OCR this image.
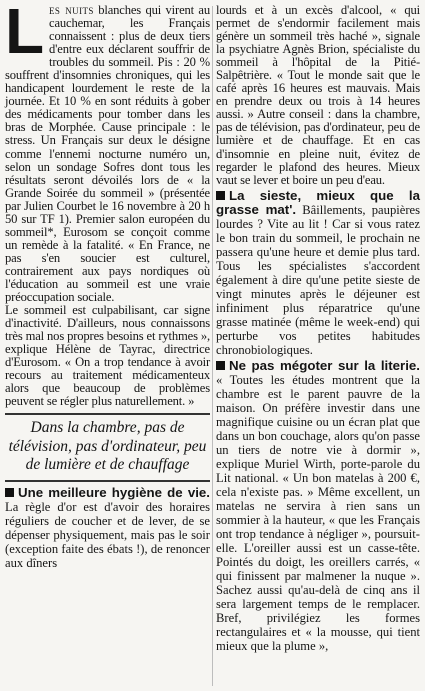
Les nuits blanches qui virent au cauchemar, les Français connaissent : plus de deux tiers d'entre eux déclarent souffrir de troubles du sommeil. Pis : 20 % souffrent d'insomnies chroniques, qui les handicapent lourdement le reste de la journée. Et 10 % en sont réduits à gober des médicaments pour tomber dans les bras de Morphée. Cause principale : le stress. Un Français sur deux le désigne comme l'ennemi nocturne numéro un, selon un sondage Sofres dont tous les résultats seront dévoilés lors de « la Grande Soirée du sommeil » (présentée par Julien Courbet le 16 novembre à 20 h 50 sur TF 1). Premier salon européen du sommeil*, Eurosom se conçoit comme un remède à la fatalité. « En France, ne pas s'en soucier est culturel, contrairement aux pays nordiques où l'éducation au sommeil est une vraie préoccupation sociale.

Le sommeil est culpabilisant, car signe d'inactivité. D'ailleurs, nous connaissons très mal nos propres besoins et rythmes », explique Hélène de Tayrac, directrice d'Eurosom. « On a trop tendance à avoir recours au traitement médicamenteux alors que beaucoup de problèmes peuvent se régler plus naturellement. »

Dans la chambre, pas de télévision, pas d'ordinateur, peu de lumière et de chauffage

Une meilleure hygiène de vie. La règle d'or est d'avoir des horaires réguliers de coucher et de lever, de se dépenser physiquement, mais pas le soir (exception faite des ébats !), de renoncer aux dîners

lourds et à un excès d'alcool, « qui permet de s'endormir facilement mais génère un sommeil très haché », signale la psychiatre Agnès Brion, spécialiste du sommeil à l'hôpital de la Pitié-Salpêtrière. « Tout le monde sait que le café après 16 heures est mauvais. Mais en prendre deux ou trois à 14 heures aussi. » Autre conseil : dans la chambre, pas de télévision, pas d'ordinateur, peu de lumière et de chauffage. Et en cas d'insomnie en pleine nuit, évitez de regarder le plafond des heures. Mieux vaut se lever et boire un peu d'eau.

La sieste, mieux que la grasse mat'. Bâillements, paupières lourdes ? Vite au lit ! Car si vous ratez le bon train du sommeil, le prochain ne passera qu'une heure et demie plus tard. Tous les spécialistes s'accordent également à dire qu'une petite sieste de vingt minutes après le déjeuner est infiniment plus réparatrice qu'une grasse matinée (même le week-end) qui perturbe vos petites habitudes chronobiologiques.

Ne pas mégoter sur la literie. « Toutes les études montrent que la chambre est le parent pauvre de la maison. On préfère investir dans une magnifique cuisine ou un écran plat que dans un bon couchage, alors qu'on passe un tiers de notre vie à dormir », explique Muriel Wirth, porte-parole du Lit national. « Un bon matelas à 200 €, cela n'existe pas. » Même excellent, un matelas ne servira à rien sans un sommier à la hauteur, « que les Français ont trop tendance à négliger », poursuit-elle. L'oreiller aussi est un casse-tête. Pointés du doigt, les oreillers carrés, « qui finissent par malmener la nuque ». Sachez aussi qu'au-delà de cinq ans il sera largement temps de le remplacer. Bref, privilégiez les formes rectangulaires et « la mousse, qui tient mieux que la plume »,
